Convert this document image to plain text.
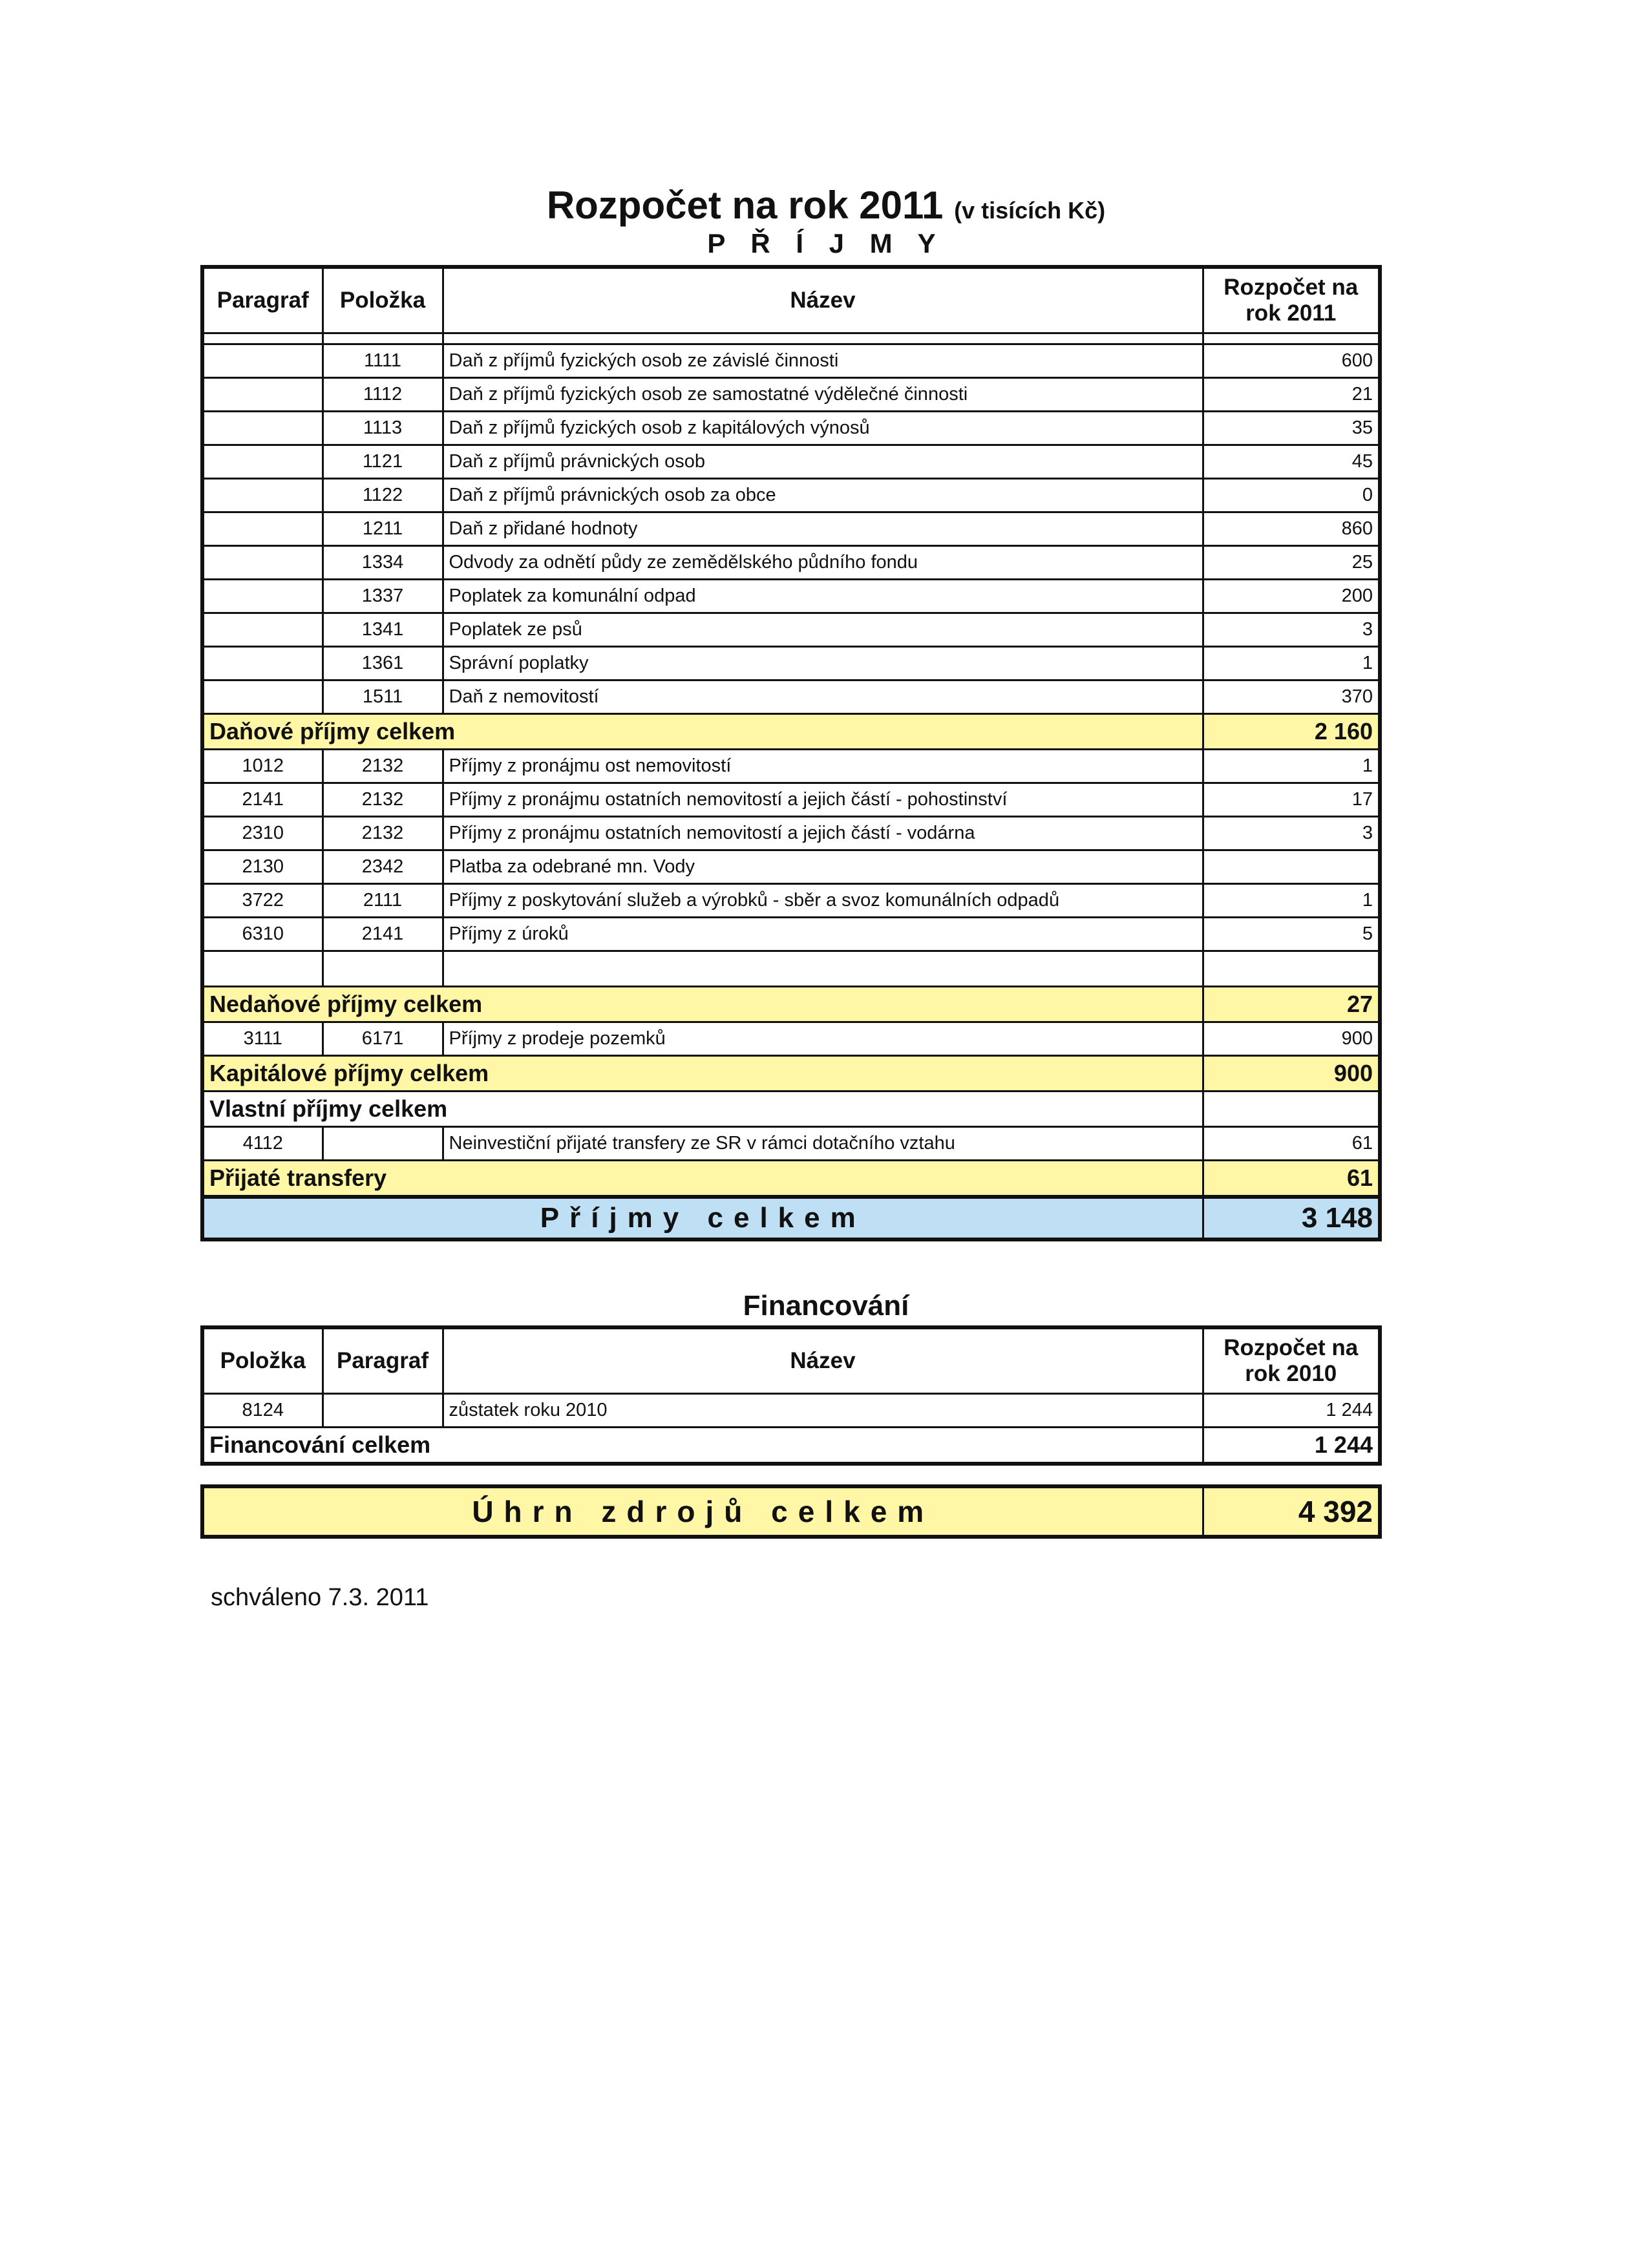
Rozpočet na rok 2011 (v tisících Kč)
P Ř Í J M Y
Paragraf	Položka	Název	Rozpočet na rok 2011

	1111	Daň z příjmů fyzických osob ze závislé činnosti	600
	1112	Daň z příjmů fyzických osob ze samostatné výdělečné činnosti	21
	1113	Daň z příjmů fyzických osob z kapitálových výnosů	35
	1121	Daň z příjmů právnických osob	45
	1122	Daň z příjmů právnických osob za obce	0
	1211	Daň z přidané hodnoty	860
	1334	Odvody za odnětí půdy ze zemědělského půdního fondu	25
	1337	Poplatek za komunální odpad	200
	1341	Poplatek ze psů	3
	1361	Správní poplatky	1
	1511	Daň z nemovitostí	370
Daňové příjmy celkem			2 160
1012	2132	Příjmy z pronájmu ost nemovitostí	1
2141	2132	Příjmy z pronájmu ostatních nemovitostí a jejich částí - pohostinství	17
2310	2132	Příjmy z pronájmu ostatních nemovitostí a jejich částí - vodárna	3
2130	2342	Platba za odebrané mn. Vody	
3722	2111	Příjmy z poskytování služeb a výrobků - sběr a svoz komunálních odpadů	1
6310	2141	Příjmy z úroků	5

Nedaňové příjmy celkem			27
3111	6171	Příjmy z prodeje pozemků	900
Kapitálové příjmy celkem			900
Vlastní příjmy celkem			
4112		Neinvestiční přijaté transfery ze SR v rámci dotačního vztahu	61
Přijaté transfery			61
Příjmy celkem			3 148
Financování
Položka	Paragraf	Název	Rozpočet na rok 2010
8124		zůstatek roku 2010	1 244
Financování celkem			1 244
Úhrn zdrojů celkem	4 392
schváleno 7.3. 2011
